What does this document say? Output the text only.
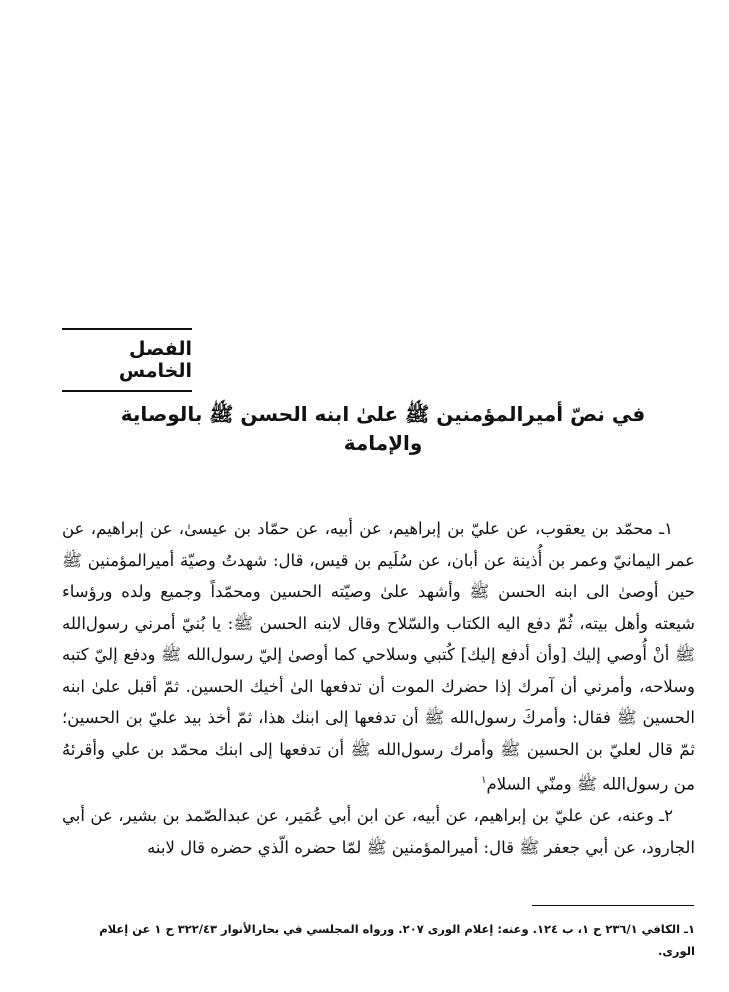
الفصل الخامس
في نصّ أميرالمؤمنين ﷺ علىٰ ابنه الحسن ﷺ بالوصاية والإمامة

١ـ محمّد بن يعقوب، عن عليّ بن إبراهيم، عن أبيه، عن حمّاد بن عيسىٰ، عن إبراهيم، عن عمر اليمانيّ وعمر بن أُذينة عن أبان، عن سُلَيم بن قيس، قال: شهدتُ وصيّة أميرالمؤمنين ﷺ حين أوصىٰ الى ابنه الحسن ﷺ وأشهد علىٰ وصيّته الحسين ومحمّداً وجميع ولده ورؤساء شيعته وأهل بيته، ثُمّ دفع اليه الكتاب والسّلاح وقال لابنه الحسن ﷺ: يا بُنيّ أمرني رسول‌الله ﷺ أنْ أُوصي إليك [وأن أدفع إليك] كُتبي وسلاحي كما أوصىٰ إليّ رسول‌الله ﷺ ودفع إليّ كتبه وسلاحه، وأمرني أن آمرك إذا حضرك الموت أن تدفعها الىٰ أخيك الحسين. ثمّ أقبل علىٰ ابنه الحسين ﷺ فقال: وأمركَ رسول‌الله ﷺ أن تدفعها إلى ابنك هذا، ثمّ أخذ بيد عليّ بن الحسين؛ ثمّ قال لعليّ بن الحسين ﷺ وأمرك رسول‌الله ﷺ أن تدفعها إلى ابنك محمّد بن علي وأقرئهُ من رسول‌الله ﷺ ومنّي السلام$^١$

٢ـ وعنه، عن عليّ بن إبراهيم، عن أبيه، عن ابن أبي عُمَير، عن عبدالصّمد بن بشير، عن أبي الجارود، عن أبي جعفر ﷺ قال: أميرالمؤمنين ﷺ لمّا حضره الّذي حضره قال لابنه

١ـ الكافي ٢٣٦/١ ح ١، ب ١٢٤. وعنه: إعلام الورى ٢٠٧. ورواه المجلسي في بحارالأنوار ٣٢٢/٤٣ ح ١ عن إعلام الورى.
